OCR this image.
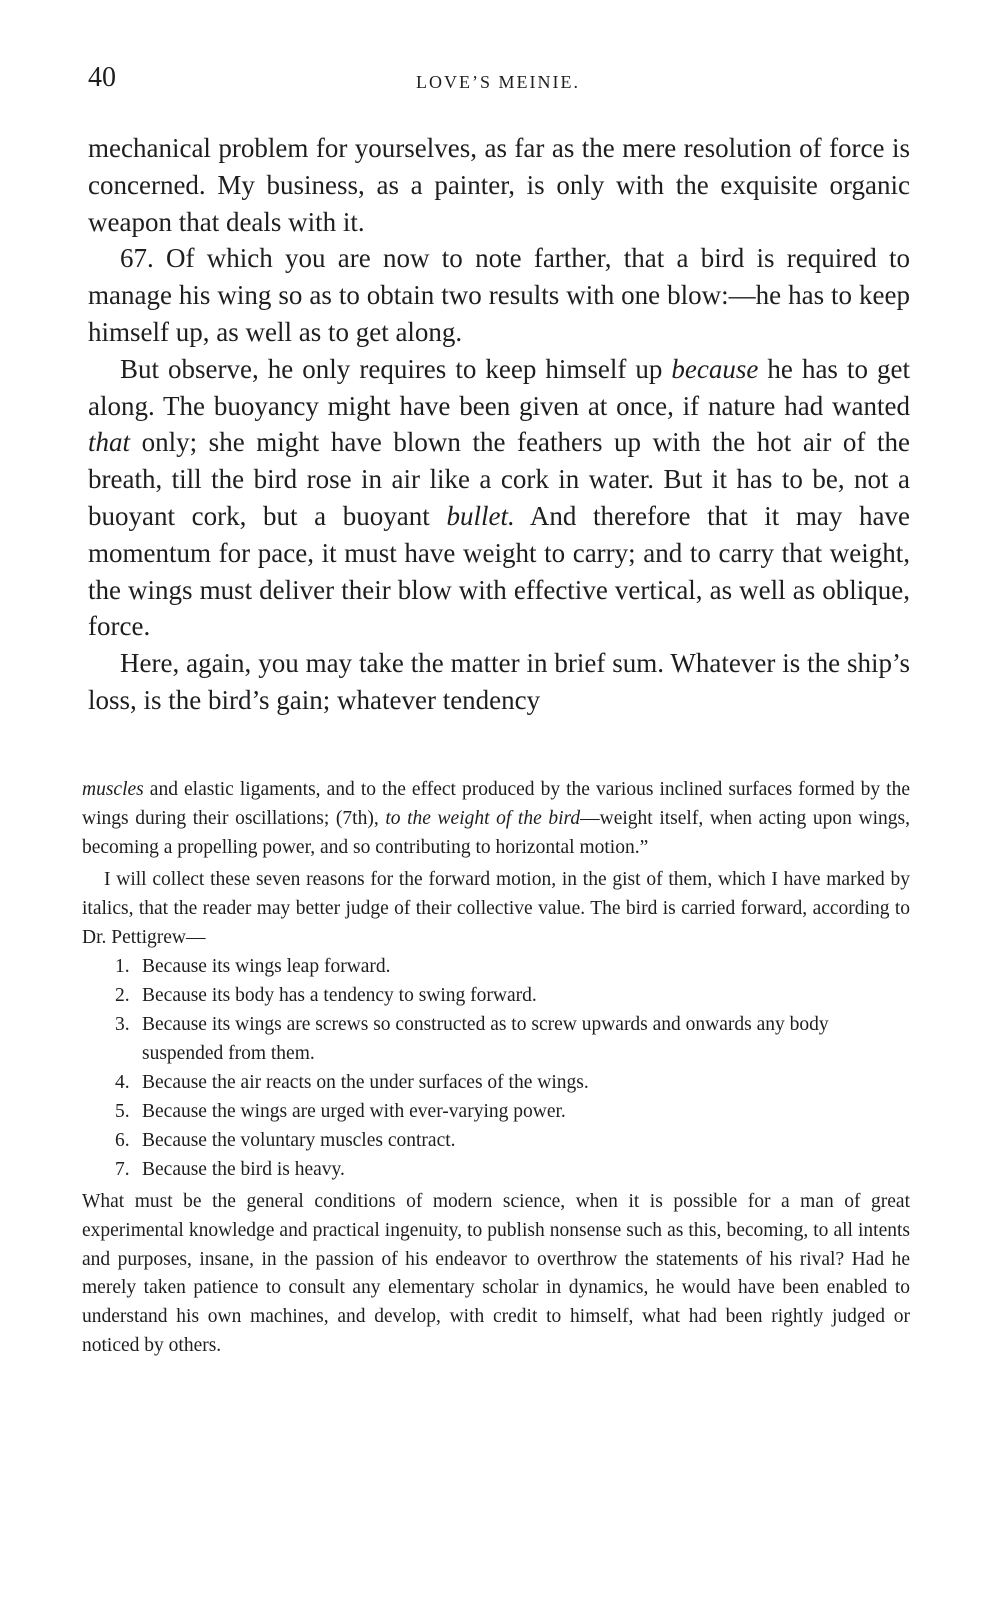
40	LOVE’S MEINIE.

mechanical problem for yourselves, as far as the mere resolution of force is concerned. My business, as a painter, is only with the exquisite organic weapon that deals with it.

67. Of which you are now to note farther, that a bird is required to manage his wing so as to obtain two results with one blow:—he has to keep himself up, as well as to get along.

But observe, he only requires to keep himself up because he has to get along. The buoyancy might have been given at once, if nature had wanted that only; she might have blown the feathers up with the hot air of the breath, till the bird rose in air like a cork in water. But it has to be, not a buoyant cork, but a buoyant bullet. And therefore that it may have momentum for pace, it must have weight to carry; and to carry that weight, the wings must deliver their blow with effective vertical, as well as oblique, force.

Here, again, you may take the matter in brief sum. Whatever is the ship’s loss, is the bird’s gain; whatever tendency

muscles and elastic ligaments, and to the effect produced by the various inclined surfaces formed by the wings during their oscillations; (7th), to the weight of the bird—weight itself, when acting upon wings, becoming a propelling power, and so contributing to horizontal motion.”

I will collect these seven reasons for the forward motion, in the gist of them, which I have marked by italics, that the reader may better judge of their collective value. The bird is carried forward, according to Dr. Pettigrew—

1. Because its wings leap forward.
2. Because its body has a tendency to swing forward.
3. Because its wings are screws so constructed as to screw upwards and onwards any body suspended from them.
4. Because the air reacts on the under surfaces of the wings.
5. Because the wings are urged with ever-varying power.
6. Because the voluntary muscles contract.
7. Because the bird is heavy.

What must be the general conditions of modern science, when it is possible for a man of great experimental knowledge and practical ingenuity, to publish nonsense such as this, becoming, to all intents and purposes, insane, in the passion of his endeavor to overthrow the statements of his rival? Had he merely taken patience to consult any elementary scholar in dynamics, he would have been enabled to understand his own machines, and develop, with credit to himself, what had been rightly judged or noticed by others.
